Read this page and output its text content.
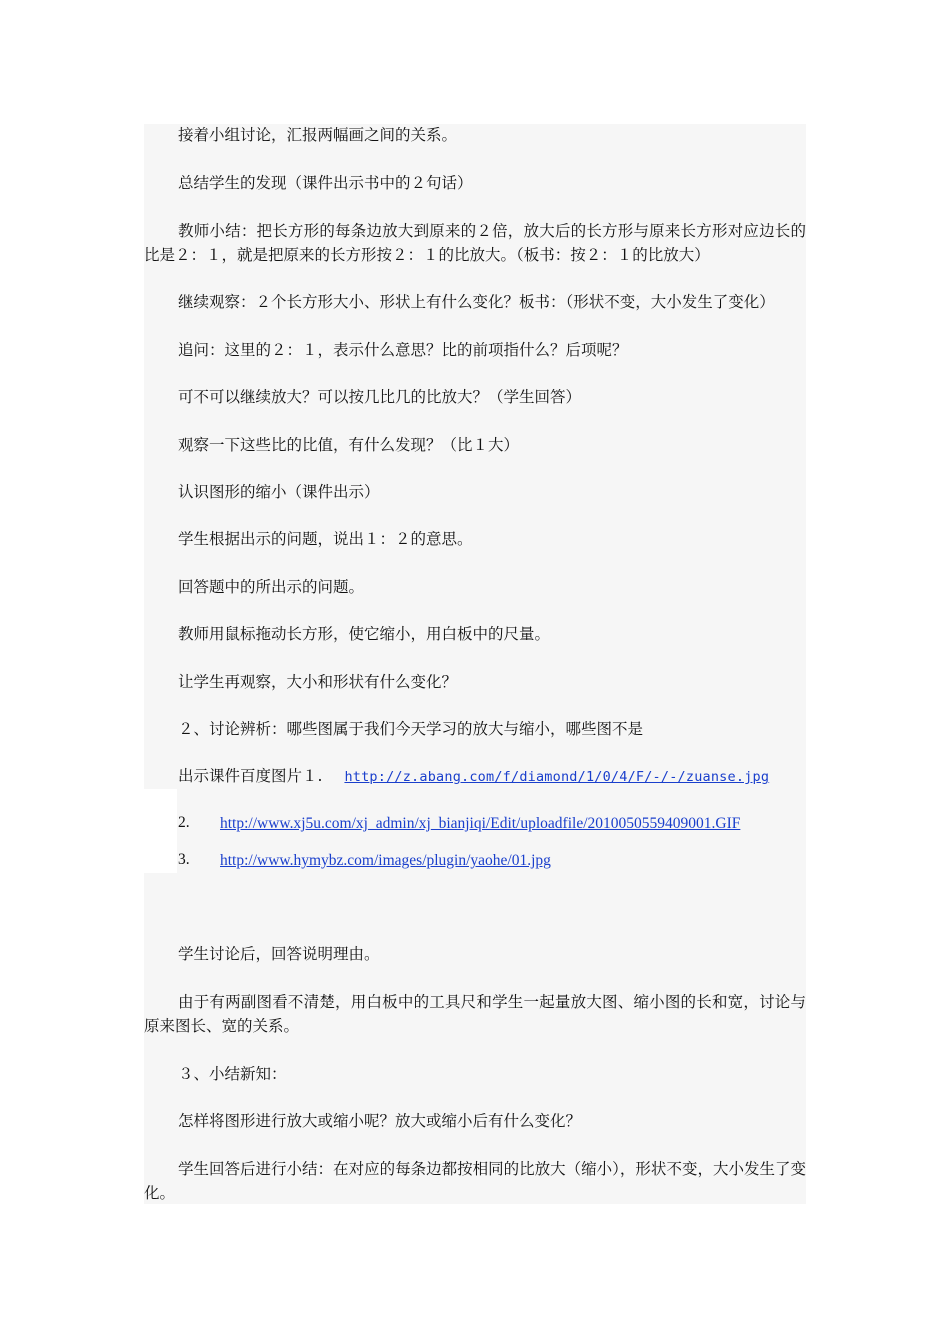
接着小组讨论，汇报两幅画之间的关系。
总结学生的发现（课件出示书中的２句话）
教师小结：把长方形的每条边放大到原来的２倍，放大后的长方形与原来长方形对应边长的比是２：１，就是把原来的长方形按２：１的比放大。（板书：按２：１的比放大）
继续观察：２个长方形大小、形状上有什么变化？板书：（形状不变，大小发生了变化）
追问：这里的２：１，表示什么意思？比的前项指什么？后项呢？
可不可以继续放大？可以按几比几的比放大？（学生回答）
观察一下这些比的比值，有什么发现？（比１大）
认识图形的缩小（课件出示）
学生根据出示的问题，说出１：２的意思。
回答题中的所出示的问题。
教师用鼠标拖动长方形，使它缩小，用白板中的尺量。
让学生再观察，大小和形状有什么变化？
２、讨论辨析：哪些图属于我们今天学习的放大与缩小，哪些图不是
出示课件百度图片１. http://z.abang.com/f/diamond/1/0/4/F/-/-/zuanse.jpg
2. http://www.xj5u.com/xj_admin/xj_bianjiqi/Edit/uploadfile/2010050559409001.GIF
3. http://www.hymybz.com/images/plugin/yaohe/01.jpg
学生讨论后，回答说明理由。
由于有两副图看不清楚，用白板中的工具尺和学生一起量放大图、缩小图的长和宽，讨论与原来图长、宽的关系。
３、小结新知：
怎样将图形进行放大或缩小呢？放大或缩小后有什么变化？
学生回答后进行小结：在对应的每条边都按相同的比放大（缩小），形状不变，大小发生了变化。
